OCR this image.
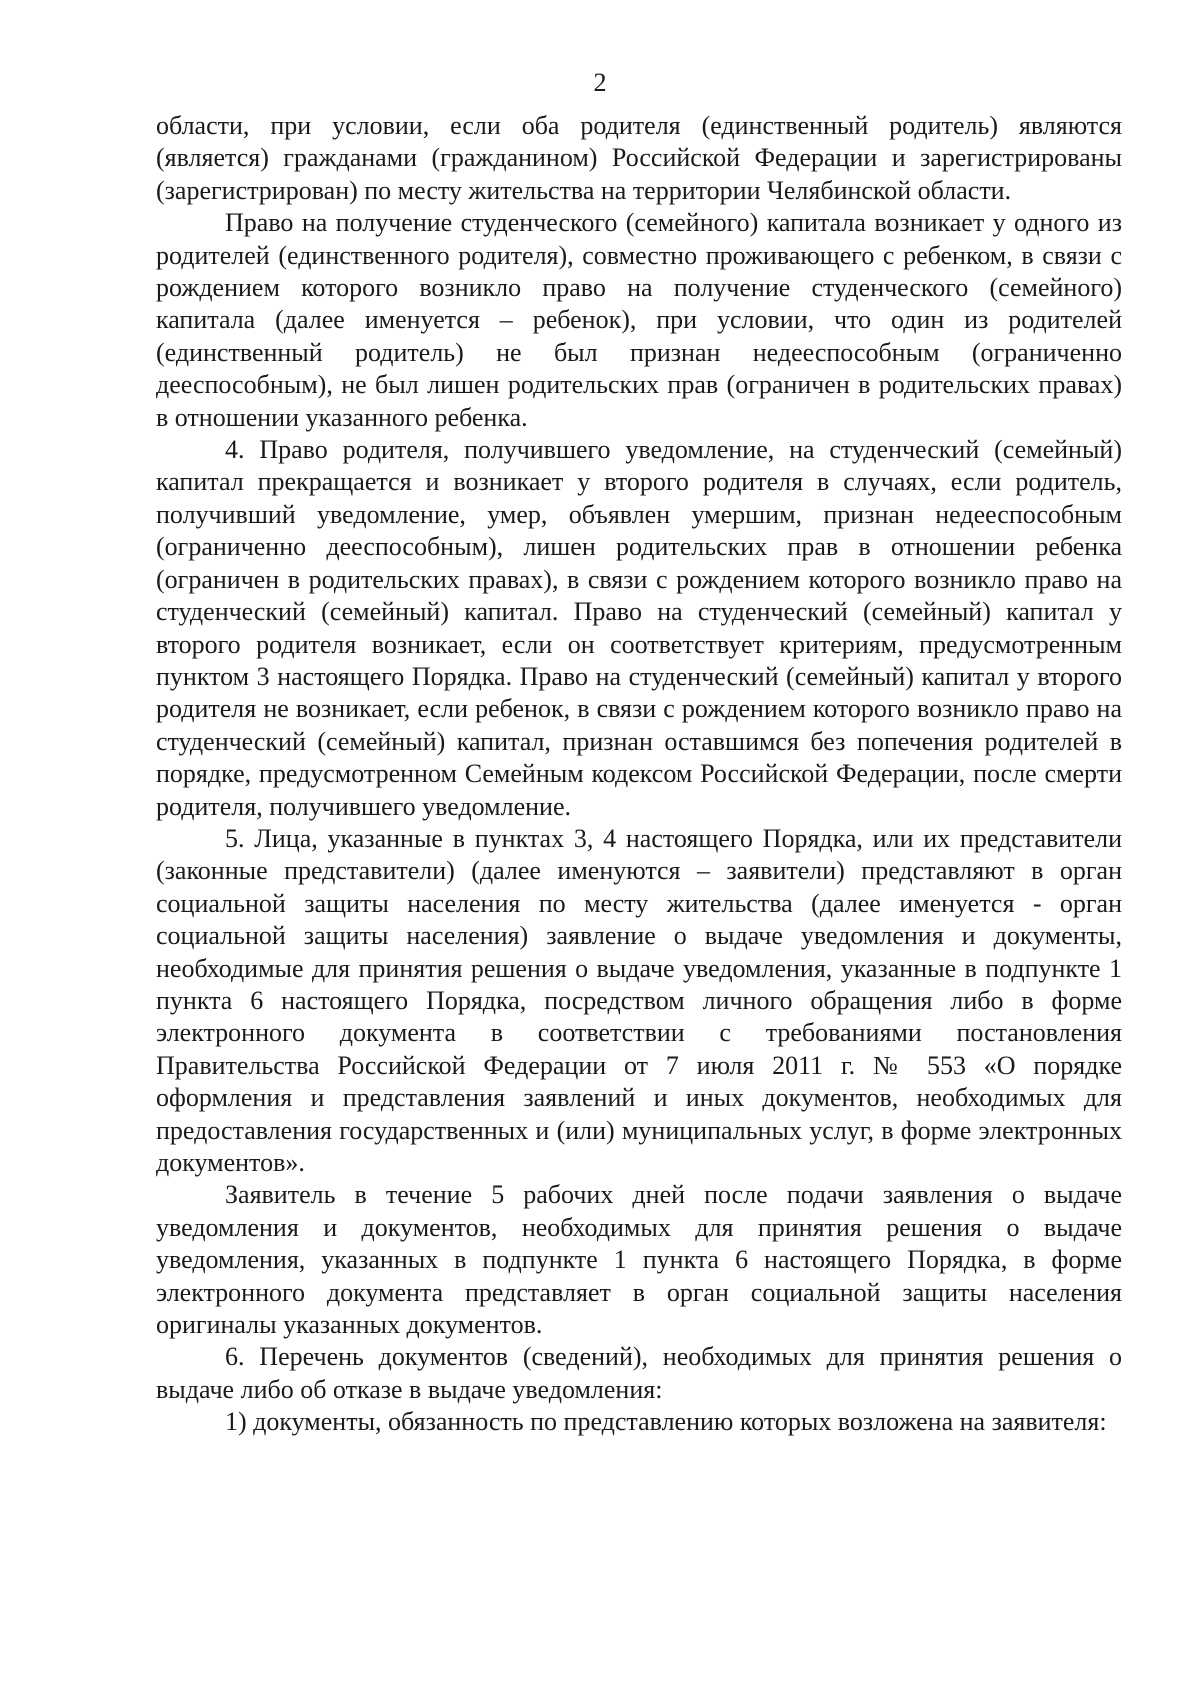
2

области, при условии, если оба родителя (единственный родитель) являются (является) гражданами (гражданином) Российской Федерации и зарегистрированы (зарегистрирован) по месту жительства на территории Челябинской области.

Право на получение студенческого (семейного) капитала возникает у одного из родителей (единственного родителя), совместно проживающего с ребенком, в связи с рождением которого возникло право на получение студенческого (семейного) капитала (далее именуется – ребенок), при условии, что один из родителей (единственный родитель) не был признан недееспособным (ограниченно дееспособным), не был лишен родительских прав (ограничен в родительских правах) в отношении указанного ребенка.

4. Право родителя, получившего уведомление, на студенческий (семейный) капитал прекращается и возникает у второго родителя в случаях, если родитель, получивший уведомление, умер, объявлен умершим, признан недееспособным (ограниченно дееспособным), лишен родительских прав в отношении ребенка (ограничен в родительских правах), в связи с рождением которого возникло право на студенческий (семейный) капитал. Право на студенческий (семейный) капитал у второго родителя возникает, если он соответствует критериям, предусмотренным пунктом 3 настоящего Порядка. Право на студенческий (семейный) капитал у второго родителя не возникает, если ребенок, в связи с рождением которого возникло право на студенческий (семейный) капитал, признан оставшимся без попечения родителей в порядке, предусмотренном Семейным кодексом Российской Федерации, после смерти родителя, получившего уведомление.

5. Лица, указанные в пунктах 3, 4 настоящего Порядка, или их представители (законные представители) (далее именуются – заявители) представляют в орган социальной защиты населения по месту жительства (далее именуется - орган социальной защиты населения) заявление о выдаче уведомления и документы, необходимые для принятия решения о выдаче уведомления, указанные в подпункте 1 пункта 6 настоящего Порядка, посредством личного обращения либо в форме электронного документа в соответствии с требованиями постановления Правительства Российской Федерации от 7 июля 2011 г. № 553 «О порядке оформления и представления заявлений и иных документов, необходимых для предоставления государственных и (или) муниципальных услуг, в форме электронных документов».

Заявитель в течение 5 рабочих дней после подачи заявления о выдаче уведомления и документов, необходимых для принятия решения о выдаче уведомления, указанных в подпункте 1 пункта 6 настоящего Порядка, в форме электронного документа представляет в орган социальной защиты населения оригиналы указанных документов.

6. Перечень документов (сведений), необходимых для принятия решения о выдаче либо об отказе в выдаче уведомления:

1) документы, обязанность по представлению которых возложена на заявителя:
